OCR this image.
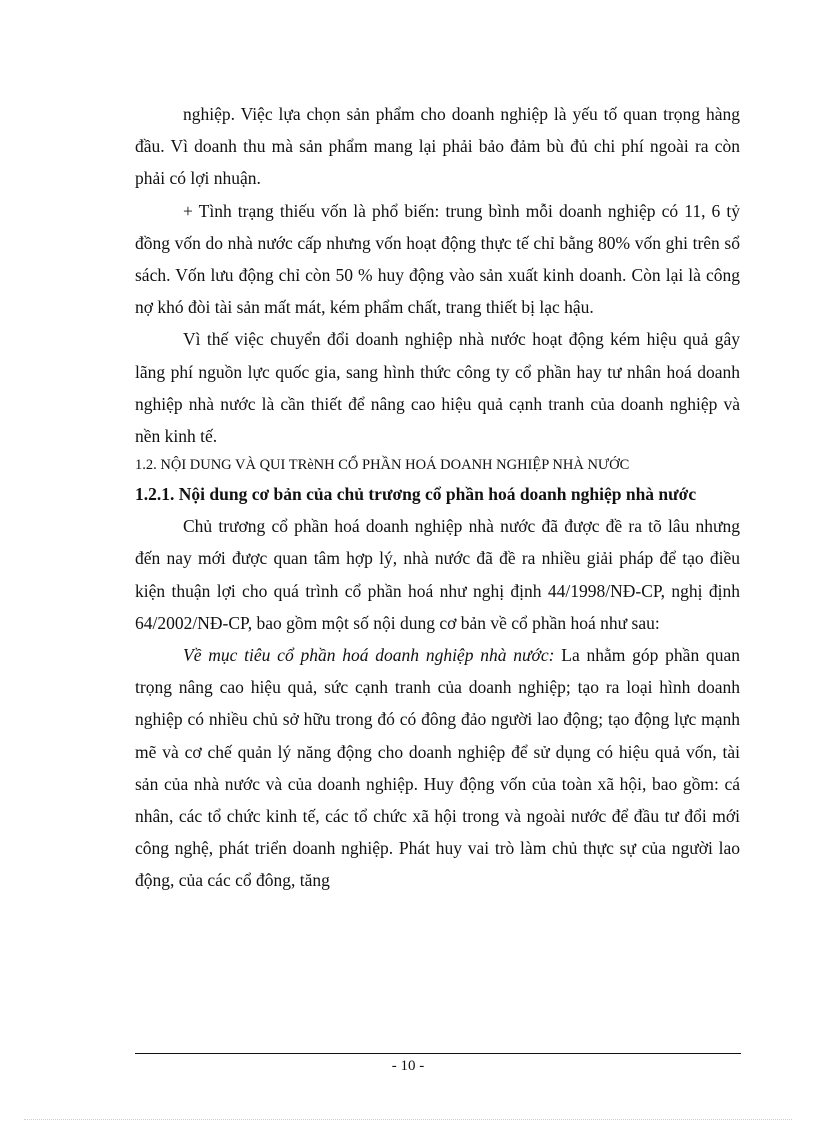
nghiệp. Việc lựa chọn sản phẩm cho doanh nghiệp là yếu tố quan trọng hàng đầu. Vì doanh thu mà sản phẩm mang lại phải bảo đảm bù đủ chi phí ngoài ra còn phải có lợi nhuận.

+ Tình trạng thiếu vốn là phổ biến: trung bình mỗi doanh nghiệp có 11, 6 tỷ đồng vốn do nhà nước cấp nhưng vốn hoạt động thực tế chỉ bằng 80% vốn ghi trên sổ sách. Vốn lưu động chỉ còn 50 % huy động vào sản xuất kinh doanh. Còn lại là công nợ khó đòi tài sản mất mát, kém phẩm chất, trang thiết bị lạc hậu.

Vì thế việc chuyển đổi doanh nghiệp nhà nước hoạt động kém hiệu quả gây lãng phí nguồn lực quốc gia, sang hình thức công ty cổ phần hay tư nhân hoá doanh nghiệp nhà nước là cần thiết để nâng cao hiệu quả cạnh tranh của doanh nghiệp và nền kinh tế.

1.2. NỘI DUNG VÀ QUI TRèNH CỔ PHẦN HOÁ DOANH NGHIỆP NHÀ NƯỚC
1.2.1. Nội dung cơ bản của chủ trương cổ phần hoá doanh nghiệp nhà nước

Chủ trương cổ phần hoá doanh nghiệp nhà nước đã được đề ra tõ lâu nhưng đến nay mới được quan tâm hợp lý, nhà nước đã đề ra nhiều giải pháp để tạo điều kiện thuận lợi cho quá trình cổ phần hoá như nghị định 44/1998/NĐ-CP, nghị định 64/2002/NĐ-CP, bao gồm một số nội dung cơ bản về cổ phần hoá như sau:

Về mục tiêu cổ phần hoá doanh nghiệp nhà nước: La nhằm góp phần quan trọng nâng cao hiệu quả, sức cạnh tranh của doanh nghiệp; tạo ra loại hình doanh nghiệp có nhiều chủ sở hữu trong đó có đông đảo người lao động; tạo động lực mạnh mẽ và cơ chế quản lý năng động cho doanh nghiệp để sử dụng có hiệu quả vốn, tài sản của nhà nước và của doanh nghiệp. Huy động vốn của toàn xã hội, bao gồm: cá nhân, các tổ chức kinh tế, các tổ chức xã hội trong và ngoài nước để đầu tư đổi mới công nghệ, phát triển doanh nghiệp. Phát huy vai trò làm chủ thực sự của người lao động, của các cổ đông, tăng

- 10 -
